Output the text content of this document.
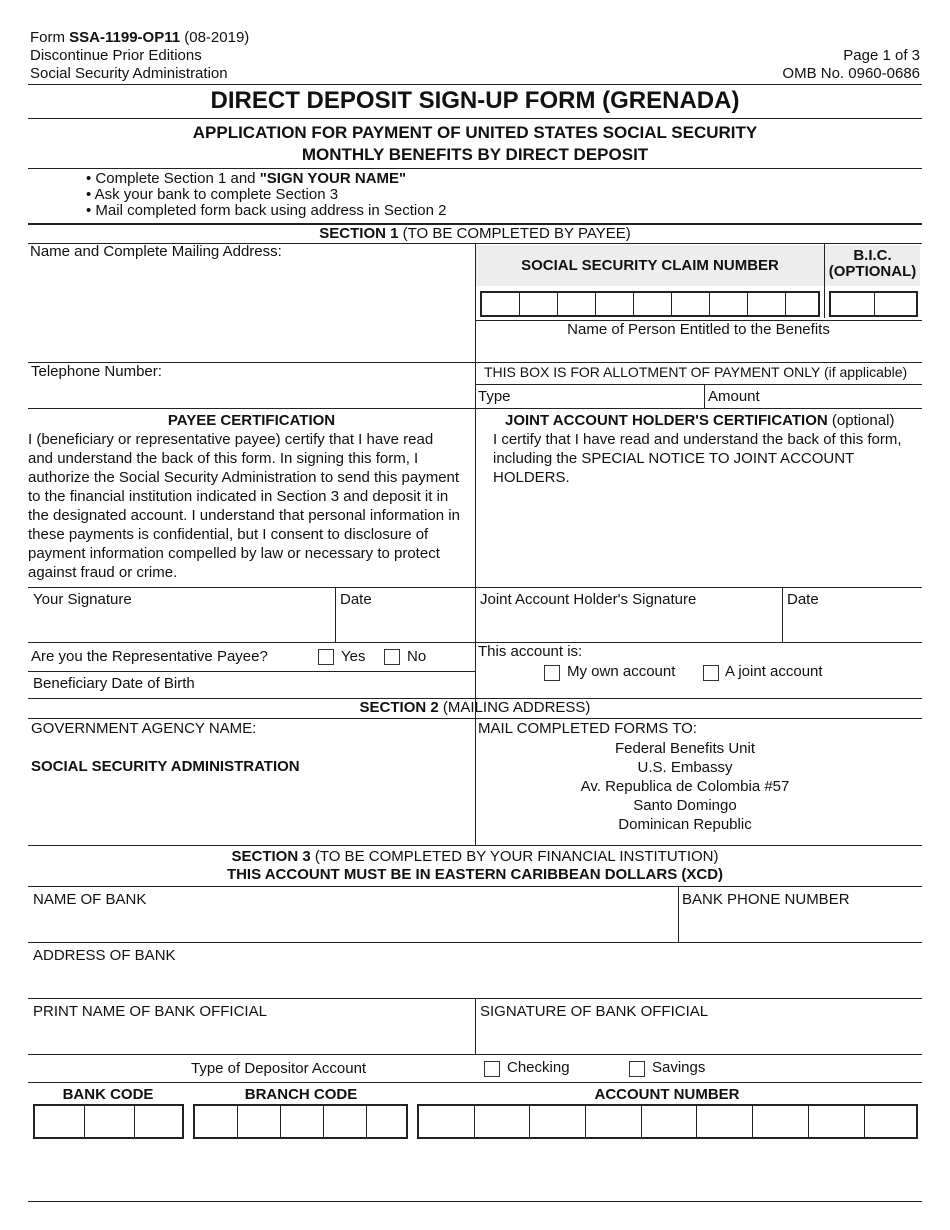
Form SSA-1199-OP11 (08-2019)
Discontinue Prior Editions
Social Security Administration
Page 1 of 3
OMB No. 0960-0686
DIRECT DEPOSIT SIGN-UP FORM (GRENADA)
APPLICATION FOR PAYMENT OF UNITED STATES SOCIAL SECURITY
MONTHLY BENEFITS BY DIRECT DEPOSIT
• Complete Section 1 and "SIGN YOUR NAME"
• Ask your bank to complete Section 3
• Mail completed form back using address in Section 2
SECTION 1 (TO BE COMPLETED BY PAYEE)
Name and Complete Mailing Address:
SOCIAL SECURITY CLAIM NUMBER
B.I.C.
(OPTIONAL)
Name of Person Entitled to the Benefits
Telephone Number:	THIS BOX IS FOR ALLOTMENT OF PAYMENT ONLY (if applicable)
Type	Amount
PAYEE CERTIFICATION
I (beneficiary or representative payee) certify that I have read
and understand the back of this form. In signing this form, I
authorize the Social Security Administration to send this payment
to the financial institution indicated in Section 3 and deposit it in
the designated account. I understand that personal information in
these payments is confidential, but I consent to disclosure of
payment information compelled by law or necessary to protect
against fraud or crime.
JOINT ACCOUNT HOLDER'S CERTIFICATION (optional)
I certify that I have read and understand the back of this form,
including the SPECIAL NOTICE TO JOINT ACCOUNT
HOLDERS.
Your Signature	Date	Joint Account Holder's Signature	Date
Are you the Representative Payee?	Yes	No	This account is:
My own account	A joint account
Beneficiary Date of Birth
SECTION 2 (MAILING ADDRESS)
GOVERNMENT AGENCY NAME:
SOCIAL SECURITY ADMINISTRATION
MAIL COMPLETED FORMS TO:
Federal Benefits Unit
U.S. Embassy
Av. Republica de Colombia #57
Santo Domingo
Dominican Republic
SECTION 3 (TO BE COMPLETED BY YOUR FINANCIAL INSTITUTION)
THIS ACCOUNT MUST BE IN EASTERN CARIBBEAN DOLLARS (XCD)
NAME OF BANK	BANK PHONE NUMBER
ADDRESS OF BANK
PRINT NAME OF BANK OFFICIAL	SIGNATURE OF BANK OFFICIAL
Type of Depositor Account	Checking	Savings
BANK CODE	BRANCH CODE	ACCOUNT NUMBER
